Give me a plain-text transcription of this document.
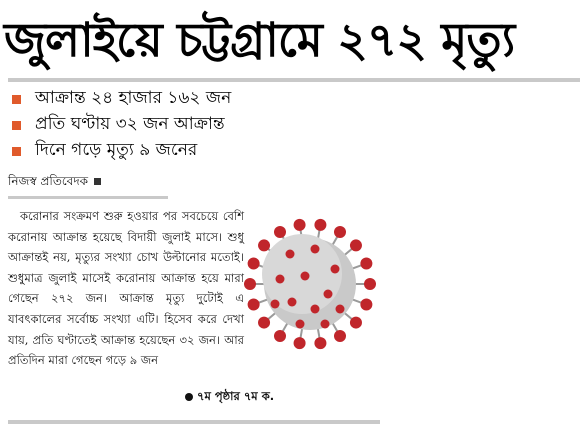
জুলাইয়ে চট্টগ্রামে ২৭২ মৃত্যু
আক্রান্ত ২৪ হাজার ১৬২ জন
প্রতি ঘণ্টায় ৩২ জন আক্রান্ত
দিনে গড়ে মৃত্যু ৯ জনের
নিজস্ব প্রতিবেদক

করোনার সংক্রমণ শুরু হওয়ার পর সবচেয়ে বেশি করোনায় আক্রান্ত হয়েছে বিদায়ী জুলাই মাসে। শুধু আক্রান্তই নয়, মৃত্যুর সংখ্যা চোখ উল্টানোর মতোই। শুধুমাত্র জুলাই মাসেই করোনায় আক্রান্ত হয়ে মারা গেছেন ২৭২ জন। আক্রান্ত মৃত্যু দুটোই এ যাবৎকালের সর্বোচ্চ সংখ্যা এটি। হিসেব করে দেখা যায়, প্রতি ঘণ্টাতেই আক্রান্ত হয়েছেন ৩২ জন। আর প্রতিদিন মারা গেছেন গড়ে ৯ জন

৭ম পৃষ্ঠার ৭ম ক.
